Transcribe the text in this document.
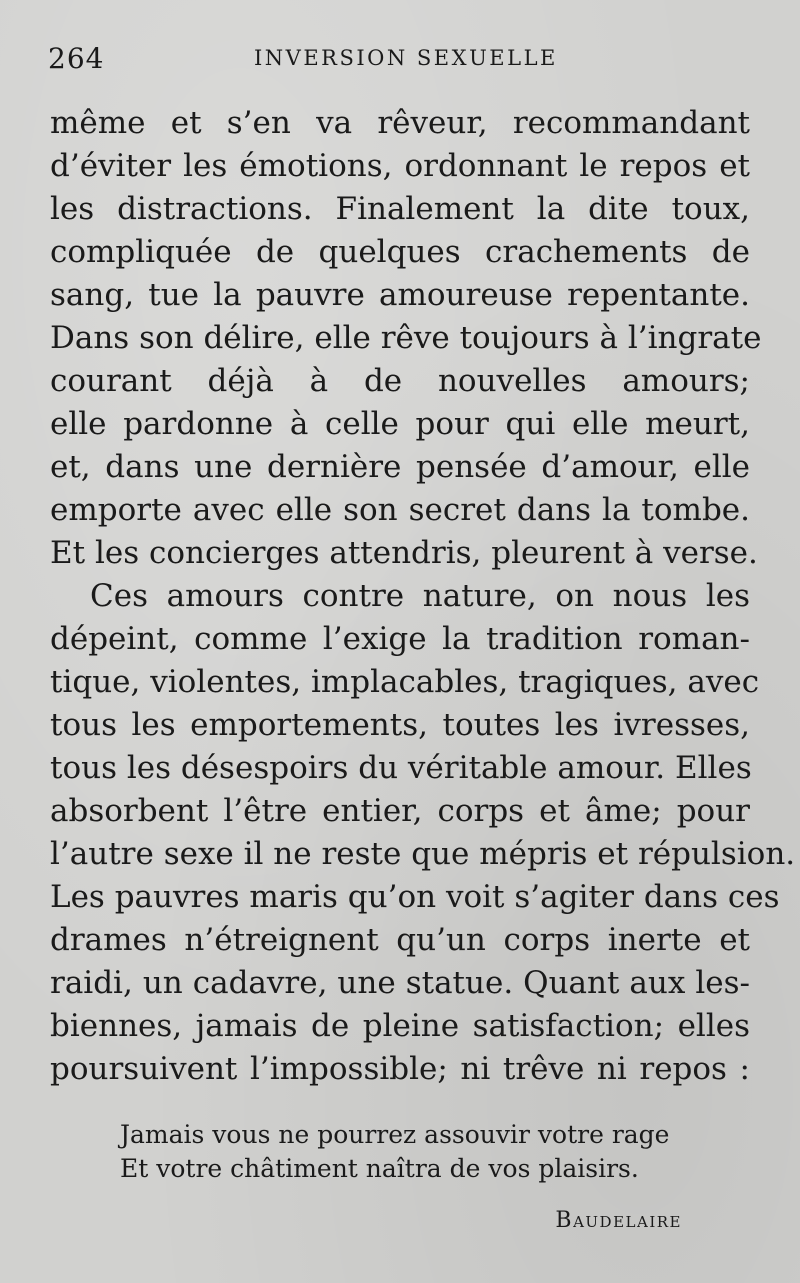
264	INVERSION SEXUELLE
même et s’en va rêveur, recommandant
d’éviter les émotions, ordonnant le repos et
les distractions. Finalement la dite toux,
compliquée de quelques crachements de
sang, tue la pauvre amoureuse repentante.
Dans son délire, elle rêve toujours à l’ingrate
courant déjà à de nouvelles amours;
elle pardonne à celle pour qui elle meurt,
et, dans une dernière pensée d’amour, elle
emporte avec elle son secret dans la tombe.
Et les concierges attendris, pleurent à verse.
Ces amours contre nature, on nous les
dépeint, comme l’exige la tradition roman-
tique, violentes, implacables, tragiques, avec
tous les emportements, toutes les ivresses,
tous les désespoirs du véritable amour. Elles
absorbent l’être entier, corps et âme; pour
l’autre sexe il ne reste que mépris et répulsion.
Les pauvres maris qu’on voit s’agiter dans ces
drames n’étreignent qu’un corps inerte et
raidi, un cadavre, une statue. Quant aux les-
biennes, jamais de pleine satisfaction; elles
poursuivent l’impossible; ni trêve ni repos :
Jamais vous ne pourrez assouvir votre rage
Et votre châtiment naîtra de vos plaisirs.
Baudelaire
